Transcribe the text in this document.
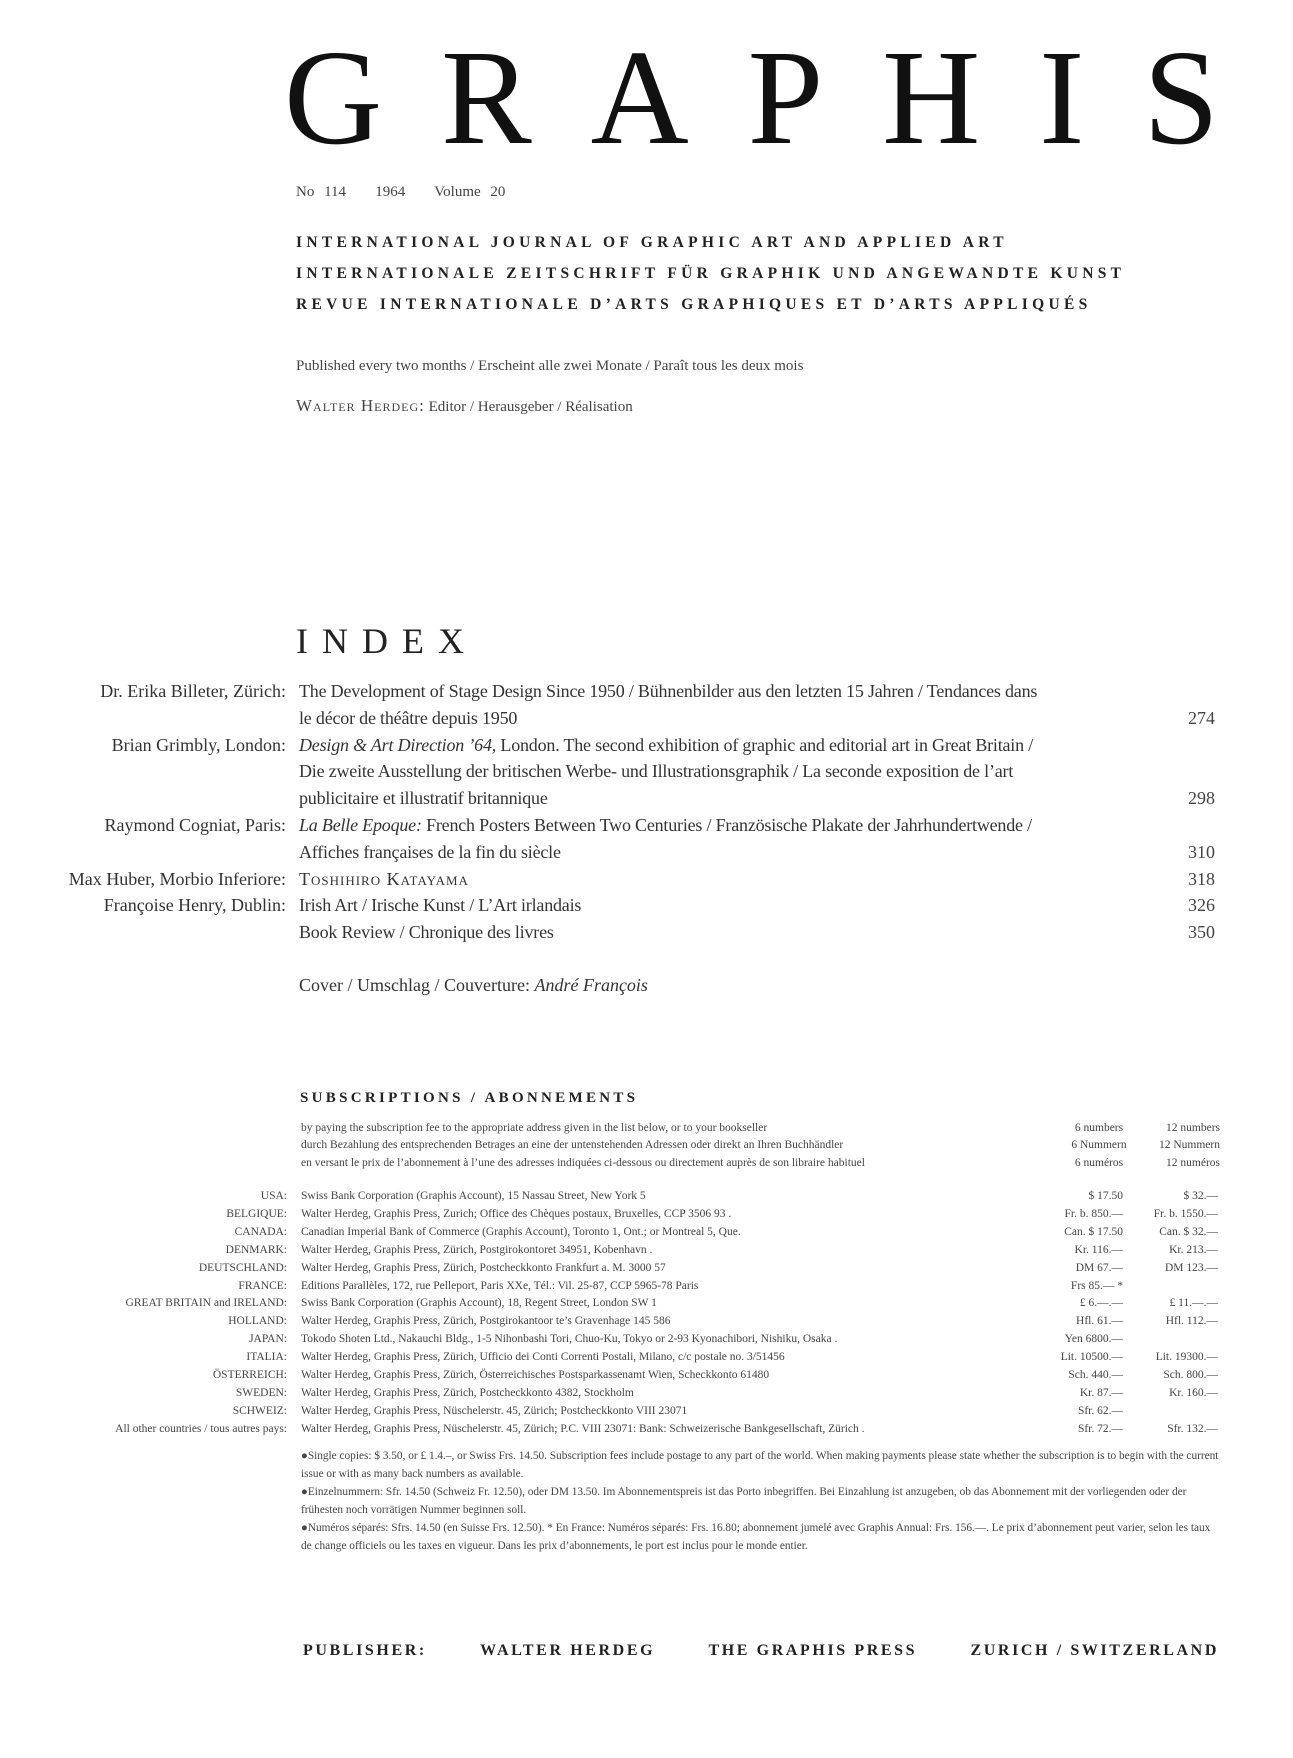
G R A P H I S
No 114   1964   Volume 20
INTERNATIONAL JOURNAL OF GRAPHIC ART AND APPLIED ART
INTERNATIONALE ZEITSCHRIFT FÜR GRAPHIK UND ANGEWANDTE KUNST
REVUE INTERNATIONALE D’ARTS GRAPHIQUES ET D’ARTS APPLIQUÉS
Published every two months / Erscheint alle zwei Monate / Paraît tous les deux mois
Walter Herdeg: Editor / Herausgeber / Réalisation
INDEX
Dr. Erika Billeter, Zürich: The Development of Stage Design Since 1950 / Bühnenbilder aus den letzten 15 Jahren / Tendances dans
le décor de théâtre depuis 1950	274
Brian Grimbly, London: Design & Art Direction ’64, London. The second exhibition of graphic and editorial art in Great Britain /
Die zweite Ausstellung der britischen Werbe- und Illustrationsgraphik / La seconde exposition de l’art
publicitaire et illustratif britannique	298
Raymond Cogniat, Paris: La Belle Epoque: French Posters Between Two Centuries / Französische Plakate der Jahrhundertwende /
Affiches françaises de la fin du siècle	310
Max Huber, Morbio Inferiore: Toshihiro Katayama	318
Françoise Henry, Dublin: Irish Art / Irische Kunst / L’Art irlandais	326
Book Review / Chronique des livres	350
Cover / Umschlag / Couverture: André François
SUBSCRIPTIONS / ABONNEMENTS
by paying the subscription fee to the appropriate address given in the list below, or to your bookseller
durch Bezahlung des entsprechenden Betrages an eine der untenstehenden Adressen oder direkt an Ihren Buchhändler
en versant le prix de l’abonnement à l’une des adresses indiquées ci-dessous ou directement auprès de son libraire habituel
6 numbers
6 Nummern
6 numéros
12 numbers
12 Nummern
12 numéros
USA: Swiss Bank Corporation (Graphis Account), 15 Nassau Street, New York 5	$ 17.50	$ 32.—
BELGIQUE: Walter Herdeg, Graphis Press, Zurich; Office des Chèques postaux, Bruxelles, CCP 3506 93 .	Fr. b. 850.—	Fr. b. 1550.—
CANADA: Canadian Imperial Bank of Commerce (Graphis Account), Toronto 1, Ont.; or Montreal 5, Que.	Can. $ 17.50	Can. $ 32.—
DENMARK: Walter Herdeg, Graphis Press, Zürich, Postgirokontoret 34951, Kobenhavn .	Kr. 116.—	Kr. 213.—
DEUTSCHLAND: Walter Herdeg, Graphis Press, Zürich, Postcheckkonto Frankfurt a. M. 3000 57	DM 67.—	DM 123.—
FRANCE: Editions Parallèles, 172, rue Pelleport, Paris XXe, Tél.: Vil. 25-87, CCP 5965-78 Paris	Frs 85.— *
GREAT BRITAIN and IRELAND: Swiss Bank Corporation (Graphis Account), 18, Regent Street, London SW 1	£ 6.—.—	£ 11.—.—
HOLLAND: Walter Herdeg, Graphis Press, Zürich, Postgirokantoor te’s Gravenhage 145 586	Hfl. 61.—	Hfl. 112.—
JAPAN: Tokodo Shoten Ltd., Nakauchi Bldg., 1-5 Nihonbashi Tori, Chuo-Ku, Tokyo or 2-93 Kyonachibori, Nishiku, Osaka .	Yen 6800.—
ITALIA: Walter Herdeg, Graphis Press, Zürich, Ufficio dei Conti Correnti Postali, Milano, c/c postale no. 3/51456	Lit. 10500.—	Lit. 19300.—
ÖSTERREICH: Walter Herdeg, Graphis Press, Zürich, Österreichisches Postsparkassenamt Wien, Scheckkonto 61480	Sch. 440.—	Sch. 800.—
SWEDEN: Walter Herdeg, Graphis Press, Zürich, Postcheckkonto 4382, Stockholm	Kr. 87.—	Kr. 160.—
SCHWEIZ: Walter Herdeg, Graphis Press, Nüschelerstr. 45, Zürich; Postcheckkonto VIII 23071	Sfr. 62.—
All other countries / tous autres pays: Walter Herdeg, Graphis Press, Nüschelerstr. 45, Zürich; P.C. VIII 23071: Bank: Schweizerische Bankgesellschaft, Zürich .	Sfr. 72.—	Sfr. 132.—
●Single copies: $ 3.50, or £ 1.4.–, or Swiss Frs. 14.50. Subscription fees include postage to any part of the world. When making payments please state whether the subscription is to begin with the current issue or with as many back numbers as available.
●Einzelnummern: Sfr. 14.50 (Schweiz Fr. 12.50), oder DM 13.50. Im Abonnementspreis ist das Porto inbegriffen. Bei Einzahlung ist anzugeben, ob das Abonnement mit der vorliegenden oder der frühesten noch vorrätigen Nummer beginnen soll.
●Numéros séparés: Sfrs. 14.50 (en Suisse Frs. 12.50). * En France: Numéros séparés: Frs. 16.80; abonnement jumelé avec Graphis Annual: Frs. 156.—. Le prix d’abonnement peut varier, selon les taux de change officiels ou les taxes en vigueur. Dans les prix d’abonnements, le port est inclus pour le monde entier.
PUBLISHER:	WALTER HERDEG	THE GRAPHIS PRESS	ZURICH / SWITZERLAND
